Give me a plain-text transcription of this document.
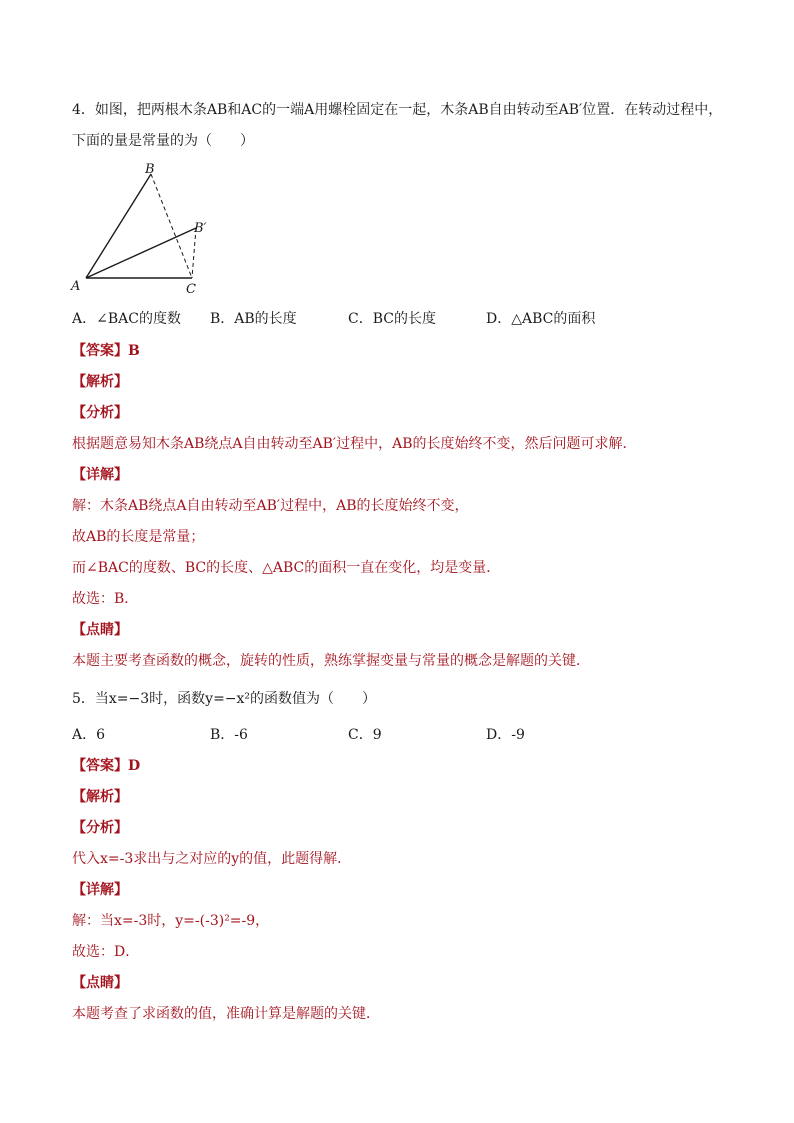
4．如图，把两根木条AB和AC的一端A用螺栓固定在一起，木条AB自由转动至AB′位置．在转动过程中，
下面的量是常量的为（　　）
B
B′
A	C
A．∠BAC的度数 B．AB的长度	C．BC的长度	D．△ABC的面积
【答案】B
【解析】
【分析】
根据题意易知木条AB绕点A自由转动至AB′过程中，AB的长度始终不变，然后问题可求解．
【详解】
解：木条AB绕点A自由转动至AB′过程中，AB的长度始终不变，
故AB的长度是常量；
而∠BAC的度数、BC的长度、△ABC的面积一直在变化，均是变量．
故选：B．
【点睛】
本题主要考查函数的概念，旋转的性质，熟练掌握变量与常量的概念是解题的关键．
5．当x=−3时，函数y=−x²的函数值为（　　）
A．6	B．-6	C．9	D．-9
【答案】D
【解析】
【分析】
代入x=-3求出与之对应的y的值，此题得解．
【详解】
解：当x=-3时，y=-(-3)²=-9，
故选：D．
【点睛】
本题考查了求函数的值，准确计算是解题的关键．
